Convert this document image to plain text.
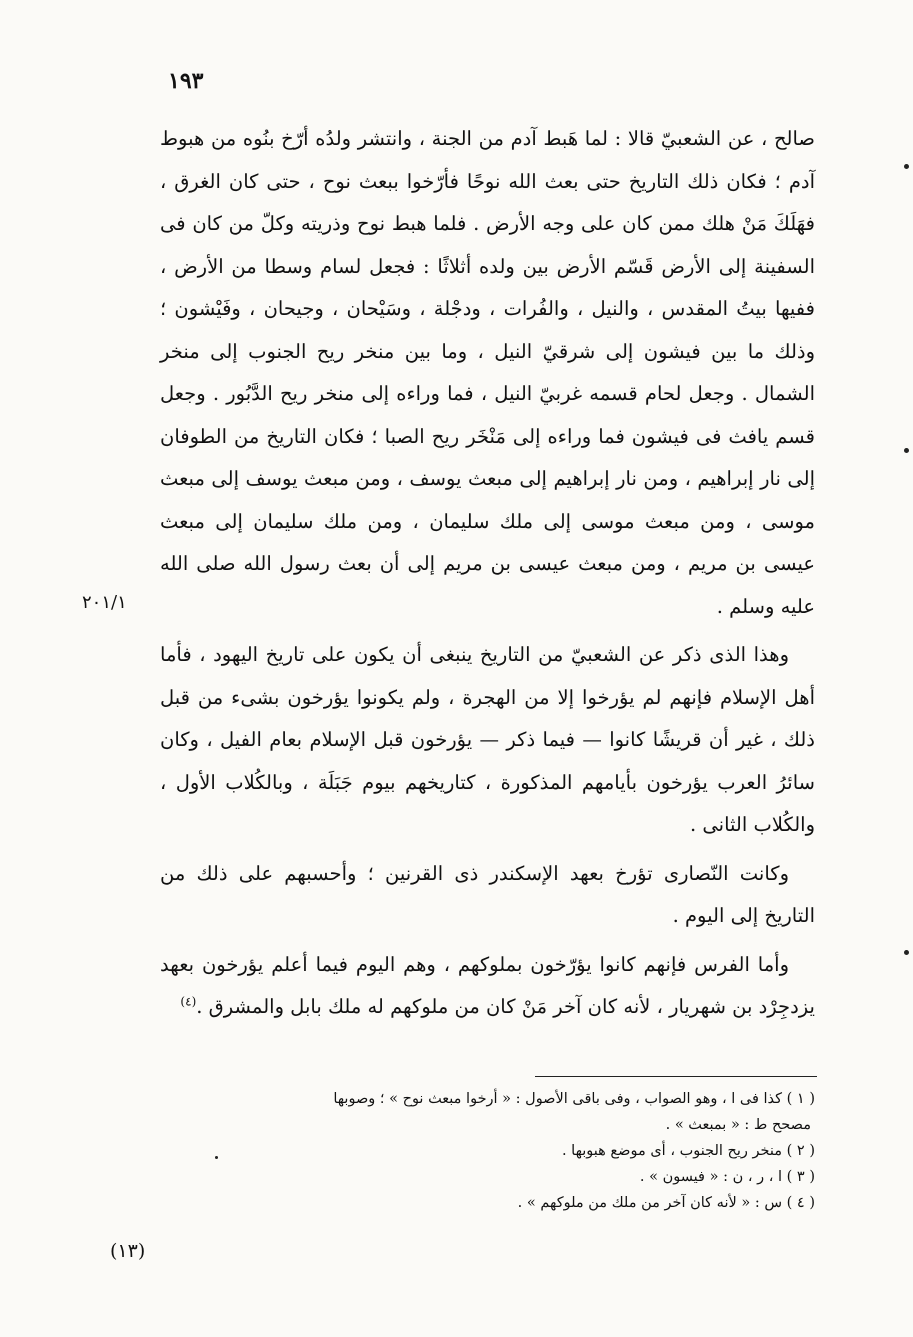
١٩٣

صالح ، عن الشعبيّ قالا : لما هَبط آدم من الجنة ، وانتشر ولدُه أرّخ بنُوه من هبوط آدم ؛ فكان ذلك التاريخ حتى بعث الله نوحًا فأرّخوا ببعث نوح ، حتى كان الغرق ، فهَلَكَ مَنْ هلك ممن كان على وجه الأرض . فلما هبط نوح وذريته وكلّ من كان فى السفينة إلى الأرض قَسّم الأرض بين ولده أثلاثًا : فجعل لسام وسطا من الأرض ، ففيها بيتُ المقدس ، والنيل ، والفُرات ، ودجْلة ، وسَيْحان ، وجيحان ، وفَيْشون ؛ وذلك ما بين فيشون إلى شرقيّ النيل ، وما بين منخر ريح الجنوب إلى منخر الشمال . وجعل لحام قسمه غربيّ النيل ، فما وراءه إلى منخر ريح الدَّبُور . وجعل قسم يافث فى فيشون فما وراءه إلى مَنْخَر ريح الصبا ؛ فكان التاريخ من الطوفان إلى نار إبراهيم ، ومن نار إبراهيم إلى مبعث يوسف ، ومن مبعث يوسف إلى مبعث موسى ، ومن مبعث موسى إلى ملك سليمان ، ومن ملك سليمان إلى مبعث عيسى بن مريم ، ومن مبعث عيسى بن مريم إلى أن بعث رسول الله صلى الله عليه وسلم .

وهذا الذى ذكر عن الشعبيّ من التاريخ ينبغى أن يكون على تاريخ اليهود ، فأما أهل الإسلام فإنهم لم يؤرخوا إلا من الهجرة ، ولم يكونوا يؤرخون بشىء من قبل ذلك ، غير أن قريشًا كانوا — فيما ذكر — يؤرخون قبل الإسلام بعام الفيل ، وكان سائرُ العرب يؤرخون بأيامهم المذكورة ، كتاريخهم بيوم جَبَلَة ، وبالكُلاب الأول ، والكُلاب الثانى .

وكانت النّصارى تؤرخ بعهد الإسكندر ذى القرنين ؛ وأحسبهم على ذلك من التاريخ إلى اليوم .

وأما الفرس فإنهم كانوا يؤرّخون بملوكهم ، وهم اليوم فيما أعلم يؤرخون بعهد يزدجِرْد بن شهريار ، لأنه كان آخر مَنْ كان من ملوكهم له ملك بابل والمشرق .$^{(٤)}$

٢٠١/١
( ١ ) كذا فى ا ، وهو الصواب ، وفى باقى الأصول : « أرخوا مبعث نوح » ؛ وصوبها
مصحح ط : « بمبعث » .
( ٢ ) منخر ريح الجنوب ، أى موضع هبوبها .
( ٣ ) ا ، ر ، ن : « فيسون » .
( ٤ ) س : « لأنه كان آخر من ملك من ملوكهم » .
(١٣)
